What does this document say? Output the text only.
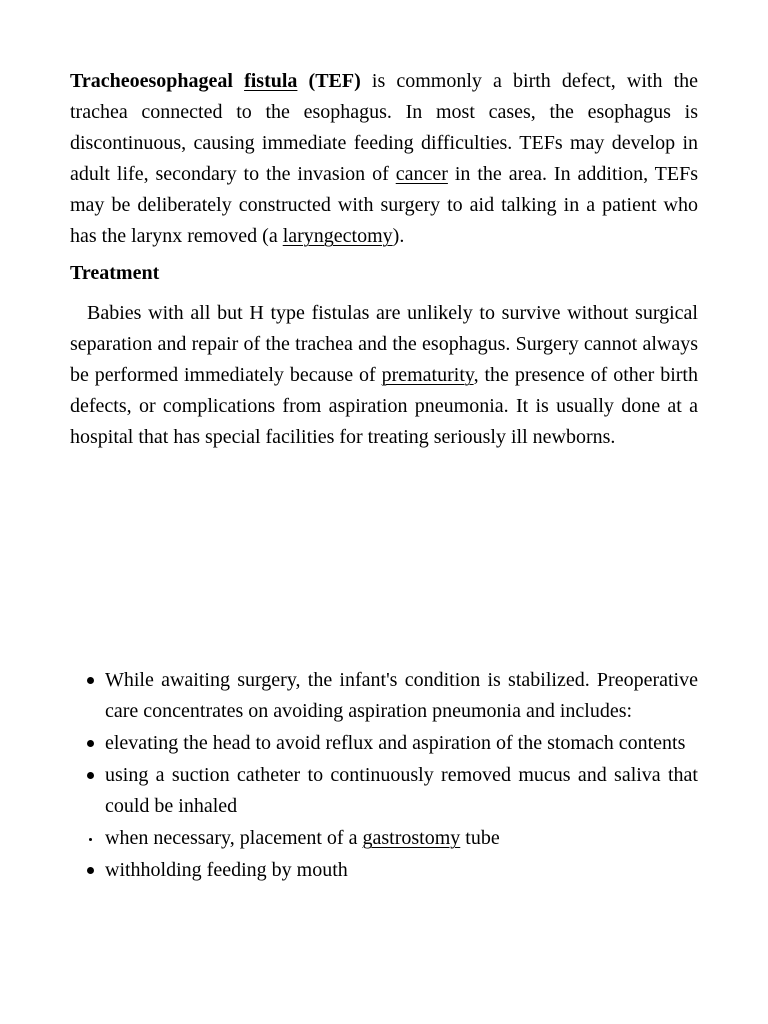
Tracheoesophageal fistula (TEF) is commonly a birth defect, with the trachea connected to the esophagus. In most cases, the esophagus is discontinuous, causing immediate feeding difficulties. TEFs may develop in adult life, secondary to the invasion of cancer in the area. In addition, TEFs may be deliberately constructed with surgery to aid talking in a patient who has the larynx removed (a laryngectomy).

Treatment

Babies with all but H type fistulas are unlikely to survive without surgical separation and repair of the trachea and the esophagus. Surgery cannot always be performed immediately because of prematurity, the presence of other birth defects, or complications from aspiration pneumonia. It is usually done at a hospital that has special facilities for treating seriously ill newborns.

While awaiting surgery, the infant's condition is stabilized. Preoperative care concentrates on avoiding aspiration pneumonia and includes:
elevating the head to avoid reflux and aspiration of the stomach contents
using a suction catheter to continuously removed mucus and saliva that could be inhaled
when necessary, placement of a gastrostomy tube
withholding feeding by mouth
